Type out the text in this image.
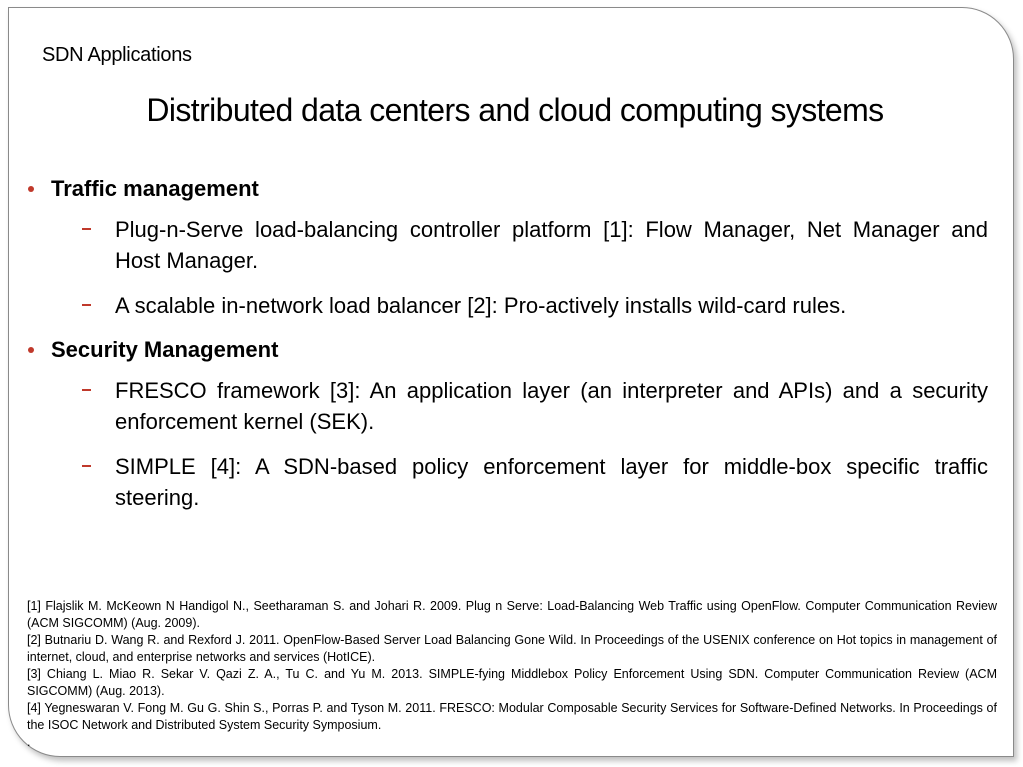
SDN Applications
Distributed data centers and cloud computing systems
Traffic management
Plug-n-Serve load-balancing controller platform [1]: Flow Manager, Net Manager and Host Manager.
A scalable in-network load balancer [2]: Pro-actively installs wild-card rules.
Security Management
FRESCO framework [3]: An application layer (an interpreter and APIs) and a security enforcement kernel (SEK).
SIMPLE [4]: A SDN-based policy enforcement layer for middle-box specific traffic steering.

[1] Flajslik M. McKeown N Handigol N., Seetharaman S. and Johari R. 2009. Plug n Serve: Load-Balancing Web Traffic using OpenFlow. Computer Communication Review (ACM SIGCOMM) (Aug. 2009).

[2] Butnariu D. Wang R. and Rexford J. 2011. OpenFlow-Based Server Load Balancing Gone Wild. In Proceedings of the USENIX conference on Hot topics in management of internet, cloud, and enterprise networks and services (HotICE).

[3] Chiang L. Miao R. Sekar V. Qazi Z. A., Tu C. and Yu M. 2013. SIMPLE-fying Middlebox Policy Enforcement Using SDN. Computer Communication Review (ACM SIGCOMM) (Aug. 2013).

[4] Yegneswaran V. Fong M. Gu G. Shin S., Porras P. and Tyson M. 2011. FRESCO: Modular Composable Security Services for Software-Defined Networks. In Proceedings of the ISOC Network and Distributed System Security Symposium.

.
